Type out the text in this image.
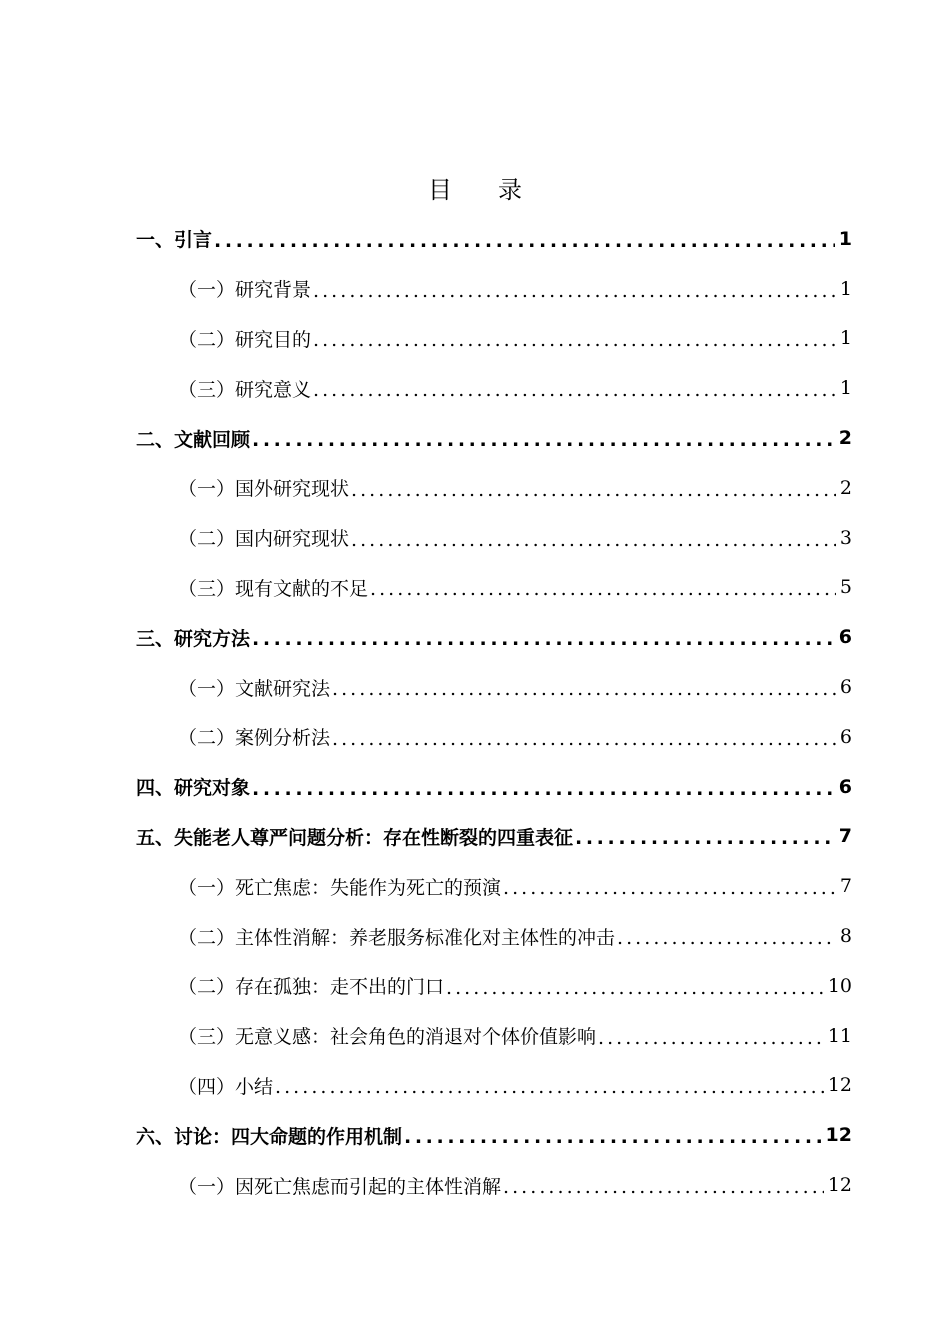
目 录
一、引言 . . .	1
（一）研究背景 . . .	1
（二）研究目的 . . .	1
（三）研究意义 . . .	1
二、文献回顾 . . .	2
（一）国外研究现状 . . .	2
（二）国内研究现状 . . .	3
（三）现有文献的不足 . . .	5
三、研究方法 . . .	6
（一）文献研究法 . . .	6
（二）案例分析法 . . .	6
四、研究对象 . . .	6
五、失能老人尊严问题分析：存在性断裂的四重表征 . . .	7
（一）死亡焦虑：失能作为死亡的预演 . . .	7
（二）主体性消解：养老服务标准化对主体性的冲击 . . .	8
（二）存在孤独：走不出的门口 . . .	10
（三）无意义感：社会角色的消退对个体价值影响 . . .	11
（四）小结 . . .	12
六、讨论：四大命题的作用机制 . . .	12
（一）因死亡焦虑而引起的主体性消解 . . .	12
